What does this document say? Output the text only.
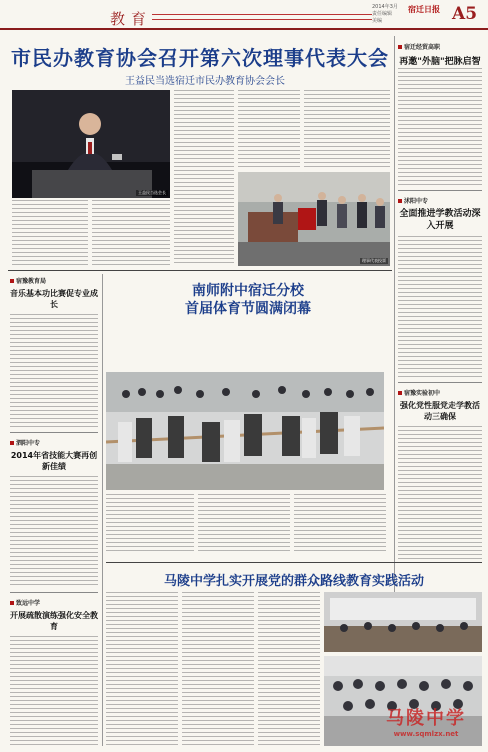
教育
2014年3月
责任编辑
美编
宿迁日报 A5
市民办教育协会召开第六次理事代表大会
王益民当选宿迁市民办教育协会会长
王益民当选会长
理事代表投票
宿迁经贸高职
再邀"外脑"把脉启智
沭阳中专
全面推进学教活动深入开展
宿豫实验初中
强化党性服党走学教活动三确保
宿豫教育局
音乐基本功比赛促专业成长
泗阳中专
2014年省技能大赛再创新佳绩
致远中学
开展疏散演练强化安全教育
南师附中宿迁分校
首届体育节圆满闭幕
马陵中学扎实开展党的群众路线教育实践活动
马陵中学
www.sqmlzx.net
